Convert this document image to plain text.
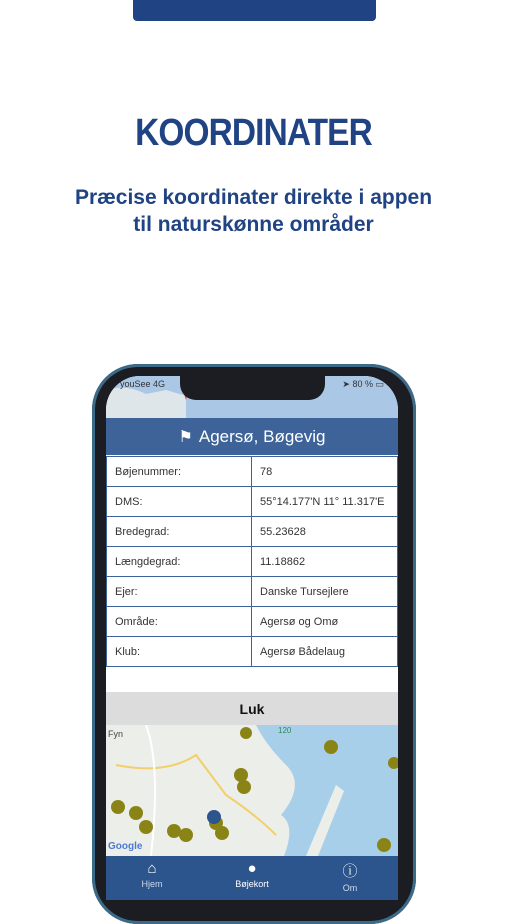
KOORDINATER
Præcise koordinater direkte i appen
til naturskønne områder
youSee 4G	➤ 80 % ▭
⚑ Agersø, Bøgevig
Bøjenummer:	78
DMS:	55°14.177'N 11° 11.317'E
Bredegrad:	55.23628
Længdegrad:	11.18862
Ejer:	Danske Tursejlere
Område:	Agersø og Omø
Klub:	Agersø Bådelaug
Luk
Fyn	120
Google
⌂
Hjem
●
Bøjekort
ⓘ
Om
